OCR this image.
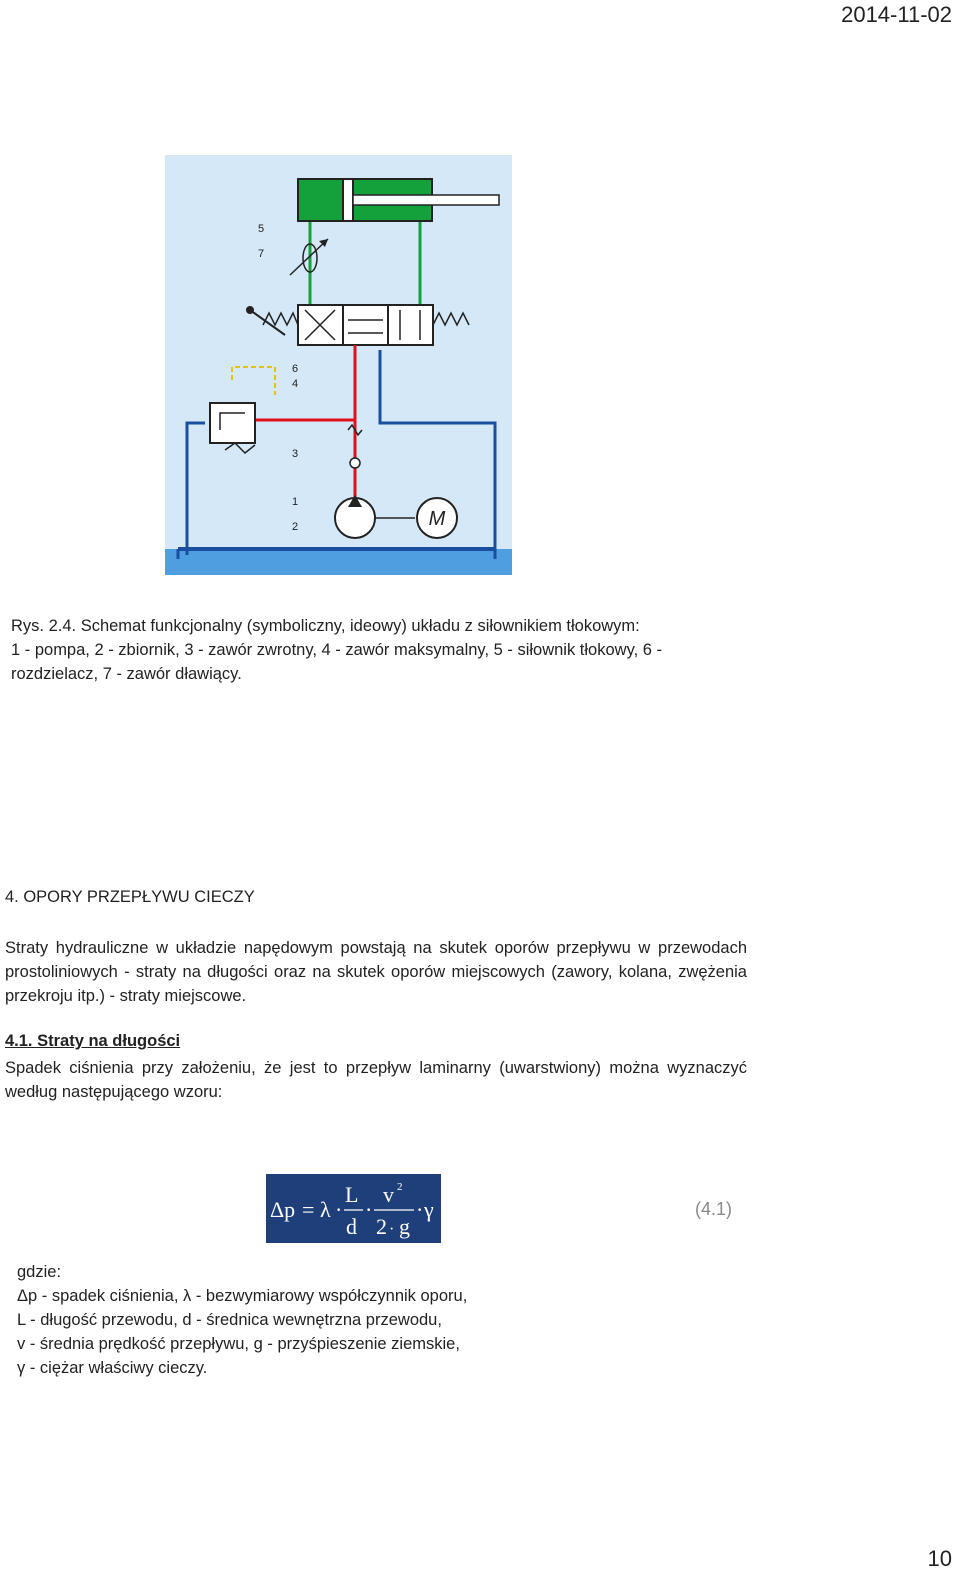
2014-11-02
M
5
7
6
4
3
1
2
Rys. 2.4. Schemat funkcjonalny (symboliczny, ideowy) układu z siłownikiem tłokowym:
1 - pompa, 2 - zbiornik, 3 - zawór zwrotny, 4 - zawór maksymalny, 5 - siłownik tłokowy, 6 -
rozdzielacz, 7 - zawór dławiący.
4. OPORY PRZEPŁYWU CIECZY
Straty hydrauliczne w układzie napędowym powstają na skutek oporów przepływu w przewodach prostoliniowych - straty na długości oraz na skutek oporów miejscowych (zawory, kolana, zwężenia przekroju itp.) - straty miejscowe.
4.1. Straty na długości
Spadek ciśnienia przy założeniu, że jest to przepływ laminarny (uwarstwiony) można wyznaczyć według następującego wzoru:
Δp = λ ·
L
d
·
v 2
2 · g
· γ	(4.1)
gdzie:
Δp - spadek ciśnienia, λ - bezwymiarowy współczynnik oporu,
L - długość przewodu, d - średnica wewnętrzna przewodu,
v - średnia prędkość przepływu, g - przyśpieszenie ziemskie,
γ - ciężar właściwy cieczy.
10
